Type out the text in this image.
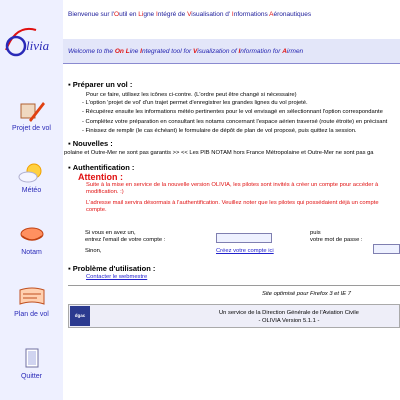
livia
Projet de vol
Météo
Notam
Plan de vol
Quitter
Bienvenue sur l'Outil en Ligne Intégré de Visualisation d' Informations Aéronautiques
Welcome to the On Line Integrated tool for Visualization of Information for Airmen
▪ Préparer un vol :
Pour ce faire, utilisez les icônes ci-contre. (L'ordre peut être changé si nécessaire)
- L'option 'projet de vol' d'un trajet permet d'enregistrer les grandes lignes du vol projeté.
- Récupérez ensuite les informations météo pertinentes pour le vol envisagé en sélectionnant l'option correspondante
- Complétez votre préparation en consultant les notams concernant l'espace aérien traversé (route étroite) en précisant
- Finissez de remplir (le cas échéant) le formulaire de dépôt de plan de vol proposé, puis quittez la session.
▪ Nouvelles :
polaine et Outre-Mer ne sont pas garantis >> << Les PIB NOTAM hors France Métropolaine et Outre-Mer ne sont pas ga
▪ Authentification :
Attention :
Suite à la mise en service de la nouvelle version OLIVIA, les pilotes sont invités à créer un compte pour accéder à
modification. :)
L'adresse mail servira désormais à l'authentification. Veuillez noter que les pilotes qui possédaient déjà un compte
compte.
Si vous en avez un,
entrez l'email de votre compte :
Sinon,	Créez votre compte ici
puis
votre mot de passe :
▪ Problème d'utilisation :
Contacter le webmestre
Site optimisé pour Firefox 3 et IE 7
dgac	Un service de la Direction Générale de l'Aviation Civile
- OLIVIA Version 5.1.1 -
